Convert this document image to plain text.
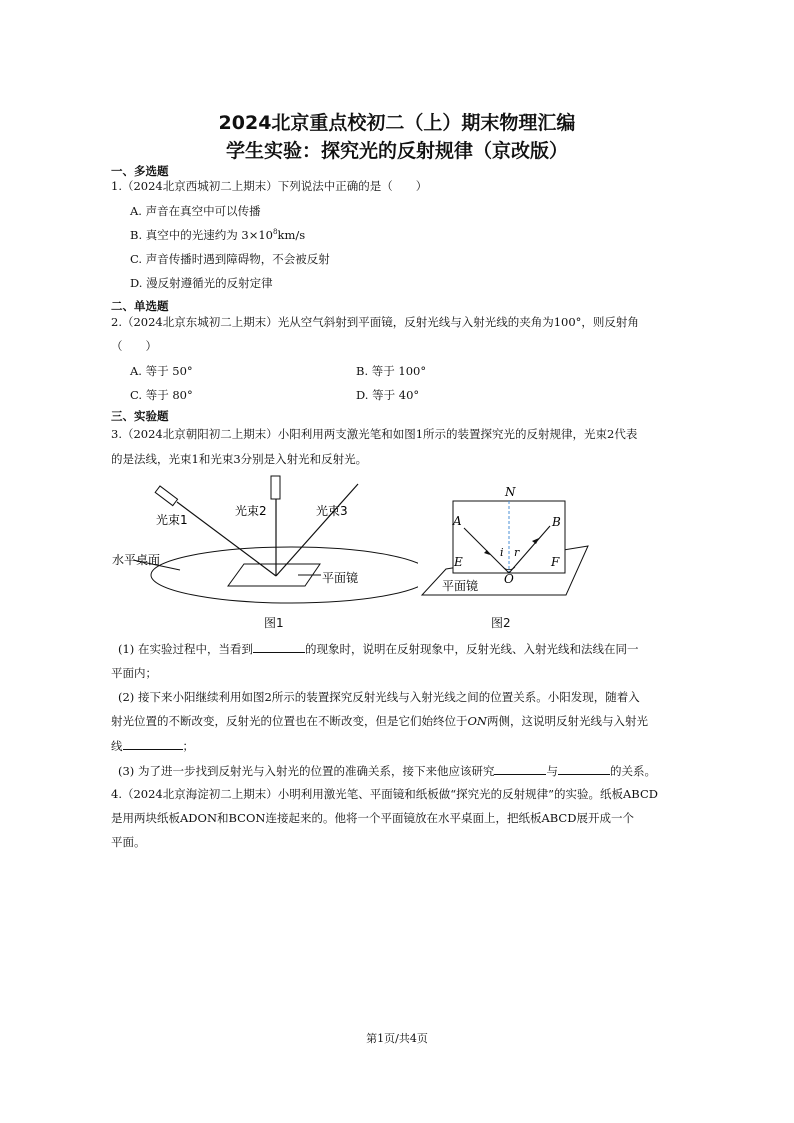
2024北京重点校初二（上）期末物理汇编
学生实验：探究光的反射规律（京改版）
一、多选题
1.（2024北京西城初二上期末）下列说法中正确的是（　　）
A. 声音在真空中可以传播
B. 真空中的光速约为 $3\times 10^8km/s$
C. 声音传播时遇到障碍物，不会被反射
D. 漫反射遵循光的反射定律
二、单选题
2.（2024北京东城初二上期末）光从空气斜射到平面镜，反射光线与入射光线的夹角为100°，则反射角
（　　）
A. 等于 50°	B. 等于 100°
C. 等于 80°	D. 等于 40°
三、实验题
3.（2024北京朝阳初二上期末）小阳利用两支激光笔和如图1所示的装置探究光的反射规律，光束2代表
的是法线，光束1和光束3分别是入射光和反射光。
光束1
光束2	光束3
水平桌面
平面镜
图1
N
A	B
E	F
O
i r
平面镜
图2
(1) 在实验过程中，当看到	的现象时，说明在反射现象中，反射光线、入射光线和法线在同一
平面内；
(2) 接下来小阳继续利用如图2所示的装置探究反射光线与入射光线之间的位置关系。小阳发现，随着入
射光位置的不断改变，反射光的位置也在不断改变，但是它们始终位于ON两侧，这说明反射光线与入射光
线	；
(3) 为了进一步找到反射光与入射光的位置的准确关系，接下来他应该研究	与	的关系。
4.（2024北京海淀初二上期末）小明利用激光笔、平面镜和纸板做“探究光的反射规律”的实验。纸板ABCD
是用两块纸板ADON和BCON连接起来的。他将一个平面镜放在水平桌面上，把纸板ABCD展开成一个
平面。
第1页/共4页
